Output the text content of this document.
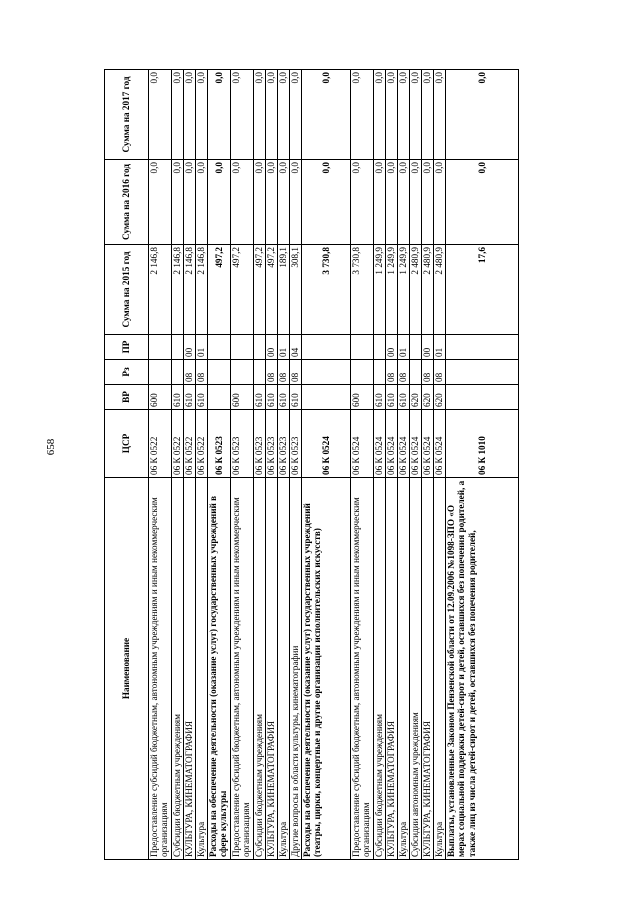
658
Наименование	ЦСР	ВР	Рз	ПР	Сумма на 2015 год	Сумма на 2016 год	Сумма на 2017 год
Предоставление субсидий бюджетным, автономным учреждениям и иным некоммерческим организациям	06 К 0522	600			2 146,8	0,0	0,0
Субсидии бюджетным учреждениям	06 К 0522	610			2 146,8	0,0	0,0
КУЛЬТУРА, КИНЕМАТОГРАФИЯ	06 К 0522	610	08	00	2 146,8	0,0	0,0
Культура	06 К 0522	610	08	01	2 146,8	0,0	0,0
Расходы на обеспечение деятельности (оказание услуг) государственных учреждений в сфере культуры	06 К 0523				497,2	0,0	0,0
Предоставление субсидий бюджетным, автономным учреждениям и иным некоммерческим организациям	06 К 0523	600			497,2	0,0	0,0
Субсидии бюджетным учреждениям	06 К 0523	610			497,2	0,0	0,0
КУЛЬТУРА, КИНЕМАТОГРАФИЯ	06 К 0523	610	08	00	497,2	0,0	0,0
Культура	06 К 0523	610	08	01	189,1	0,0	0,0
Другие вопросы в области культуры, кинематографии	06 К 0523	610	08	04	308,1	0,0	0,0
Расходы на обеспечение деятельности (оказание услуг) государственных учреждений (театры, цирки, концертные и другие организации исполнительских искусств)	06 К 0524				3 730,8	0,0	0,0
Предоставление субсидий бюджетным, автономным учреждениям и иным некоммерческим организациям	06 К 0524	600			3 730,8	0,0	0,0
Субсидии бюджетным учреждениям	06 К 0524	610			1 249,9	0,0	0,0
КУЛЬТУРА, КИНЕМАТОГРАФИЯ	06 К 0524	610	08	00	1 249,9	0,0	0,0
Культура	06 К 0524	610	08	01	1 249,9	0,0	0,0
Субсидии автономным учреждениям	06 К 0524	620			2 480,9	0,0	0,0
КУЛЬТУРА, КИНЕМАТОГРАФИЯ	06 К 0524	620	08	00	2 480,9	0,0	0,0
Культура	06 К 0524	620	08	01	2 480,9	0,0	0,0
Выплаты, установленные Законом Пензенской области от 12.09.2006 №1098-ЗПО «О мерах социальной поддержки детей-сирот и детей, оставшихся без попечения родителей, а также лиц из числа детей-сирот и детей, оставшихся без попечения родителей,	06 К 1010				17,6	0,0	0,0
